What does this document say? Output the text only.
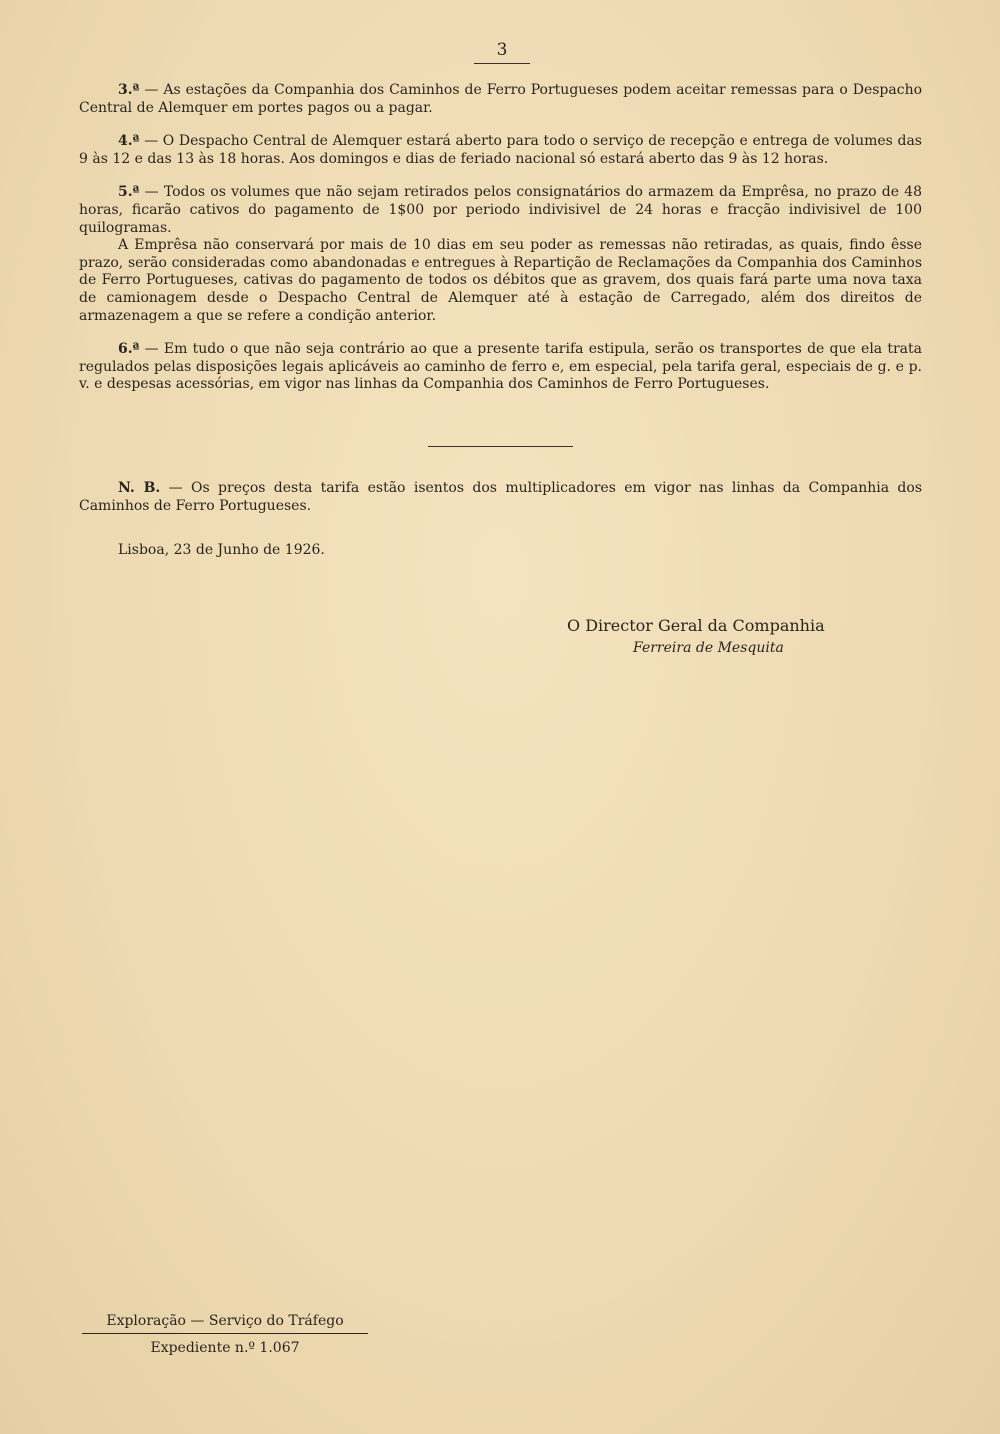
3

3.ª — As estações da Companhia dos Caminhos de Ferro Portugueses podem aceitar remessas para o Despacho Central de Alemquer em portes pagos ou a pagar.

4.ª — O Despacho Central de Alemquer estará aberto para todo o serviço de recepção e entrega de volumes das 9 às 12 e das 13 às 18 horas. Aos domingos e dias de feriado nacional só estará aberto das 9 às 12 horas.

5.ª — Todos os volumes que não sejam retirados pelos consignatários do armazem da Emprêsa, no prazo de 48 horas, ficarão cativos do pagamento de 1$00 por periodo indivisivel de 24 horas e fracção indivisivel de 100 quilogramas.

A Emprêsa não conservará por mais de 10 dias em seu poder as remessas não retiradas, as quais, findo êsse prazo, serão consideradas como abandonadas e entregues à Repartição de Reclamações da Companhia dos Caminhos de Ferro Portugueses, cativas do pagamento de todos os débitos que as gravem, dos quais fará parte uma nova taxa de camionagem desde o Despacho Central de Alemquer até à estação de Carregado, além dos direitos de armazenagem a que se refere a condição anterior.

6.ª — Em tudo o que não seja contrário ao que a presente tarifa estipula, serão os transportes de que ela trata regulados pelas disposições legais aplicáveis ao caminho de ferro e, em especial, pela tarifa geral, especiais de g. e p. v. e despesas acessórias, em vigor nas linhas da Companhia dos Caminhos de Ferro Portugueses.

N. B. — Os preços desta tarifa estão isentos dos multiplicadores em vigor nas linhas da Companhia dos Caminhos de Ferro Portugueses.

Lisboa, 23 de Junho de 1926.

O Director Geral da Companhia

Ferreira de Mesquita

Exploração — Serviço do Tráfego
Expediente n.º 1.067
